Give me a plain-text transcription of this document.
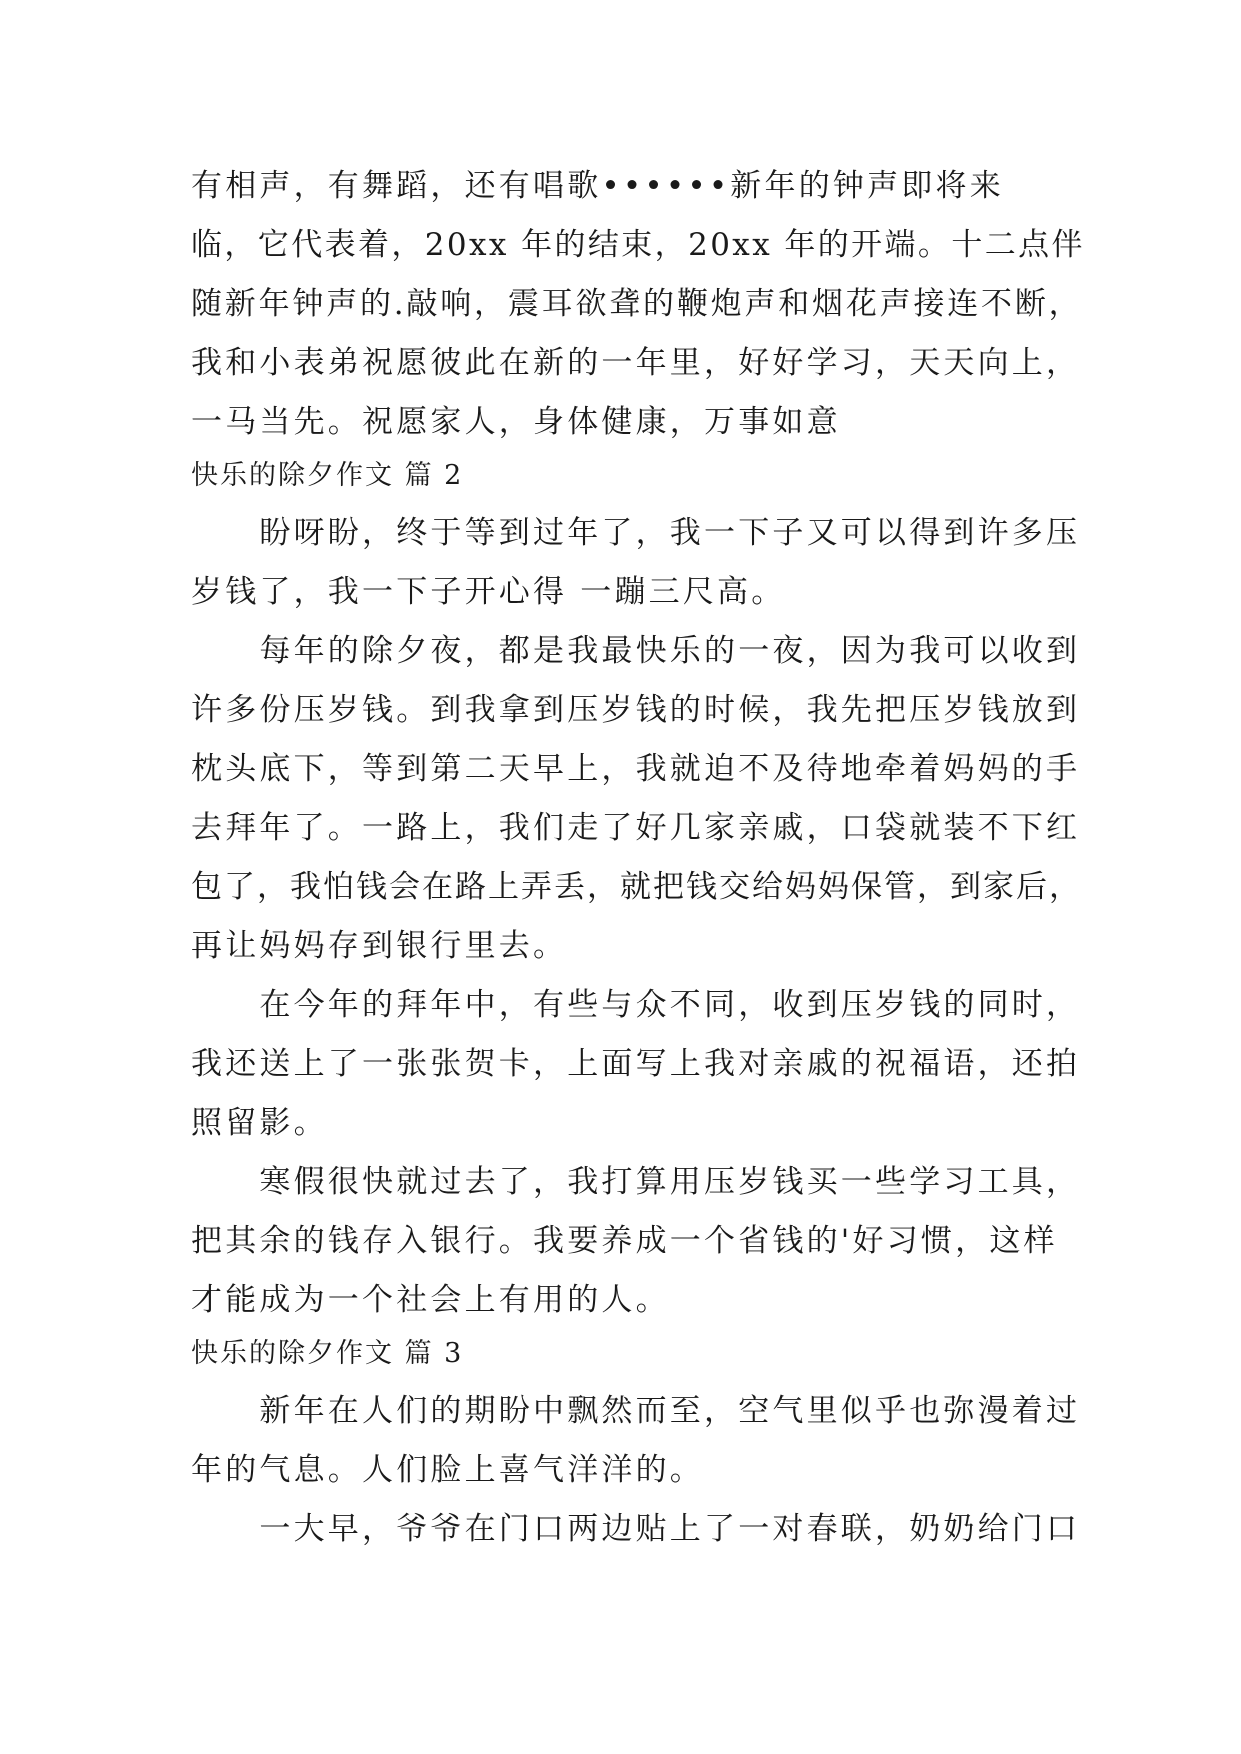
有相声，有舞蹈，还有唱歌••••••新年的钟声即将来
临，它代表着，20xx 年的结束，20xx 年的开端。十二点伴
随新年钟声的.敲响，震耳欲聋的鞭炮声和烟花声接连不断，
我和小表弟祝愿彼此在新的一年里，好好学习，天天向上，
一马当先。祝愿家人，身体健康，万事如意
快乐的除夕作文 篇 2
　　盼呀盼，终于等到过年了，我一下子又可以得到许多压
岁钱了，我一下子开心得 一蹦三尺高。
　　每年的除夕夜，都是我最快乐的一夜，因为我可以收到
许多份压岁钱。到我拿到压岁钱的时候，我先把压岁钱放到
枕头底下，等到第二天早上，我就迫不及待地牵着妈妈的手
去拜年了。一路上，我们走了好几家亲戚，口袋就装不下红
包了，我怕钱会在路上弄丢，就把钱交给妈妈保管，到家后，
再让妈妈存到银行里去。
　　在今年的拜年中，有些与众不同，收到压岁钱的同时，
我还送上了一张张贺卡，上面写上我对亲戚的祝福语，还拍
照留影。
　　寒假很快就过去了，我打算用压岁钱买一些学习工具，
把其余的钱存入银行。我要养成一个省钱的'好习惯，这样
才能成为一个社会上有用的人。
快乐的除夕作文 篇 3
　　新年在人们的期盼中飘然而至，空气里似乎也弥漫着过
年的气息。人们脸上喜气洋洋的。
　　一大早，爷爷在门口两边贴上了一对春联，奶奶给门口
